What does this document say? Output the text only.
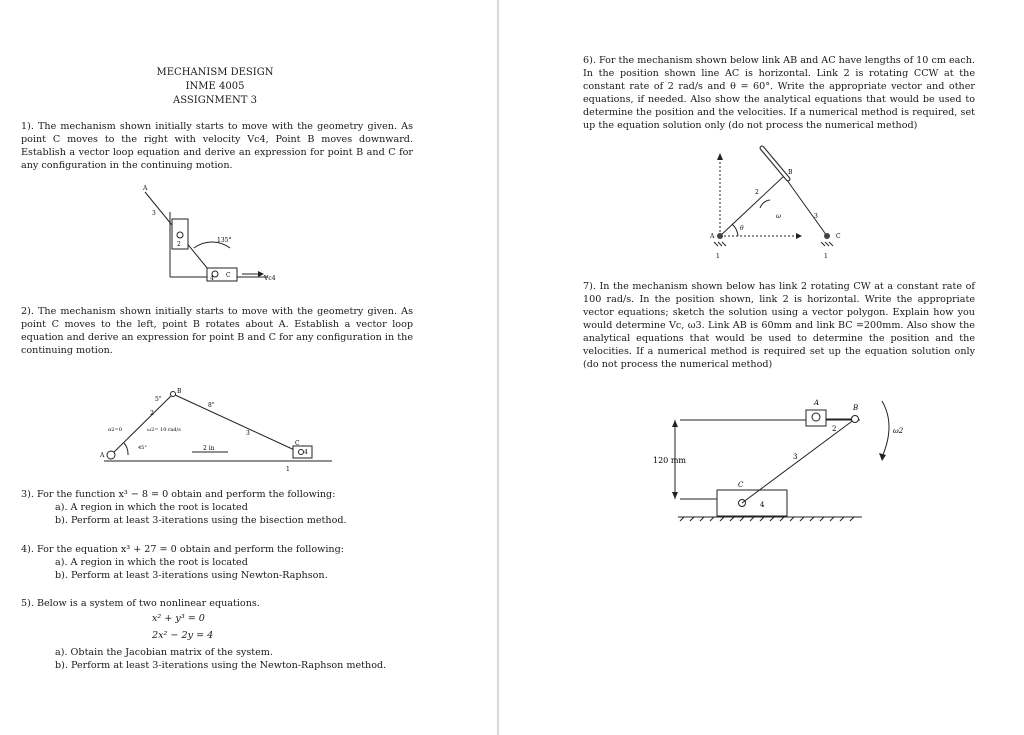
MECHANISM DESIGN
INME 4005
ASSIGNMENT 3
1). The mechanism shown initially starts to move with the geometry given. As point C moves to the right with velocity Vc4, Point B moves downward. Establish a vector loop equation and derive an expression for point B and C for any configuration in the continuing motion.
A
3
2
135°
4 C	Vc4
2). The mechanism shown initially starts to move with the geometry given. As point C moves to the left, point B rotates about A. Establish a vector loop equation and derive an expression for point B and C for any configuration in the continuing motion.
A
B
5"
8"
2
α2=0	ω2= 10 rad/s
45°	2 in
3
4
C
1
3). For the function x³ − 8 = 0 obtain and perform the following:
a). A region in which the root is located
b). Perform at least 3-iterations using the bisection method.
4). For the equation x³ + 27 = 0 obtain and perform the following:
a). A region in which the root is located
b). Perform at least 3-iterations using Newton-Raphson.
5). Below is a system of two nonlinear equations.
x² + y³ = 0
2x² − 2y = 4
a). Obtain the Jacobian matrix of the system.
b). Perform at least 3-iterations using the Newton-Raphson method.
6). For the mechanism shown below link AB and AC have lengths of 10 cm each. In the position shown line AC is horizontal. Link 2 is rotating CCW at the constant rate of 2 rad/s and θ = 60°. Write the appropriate vector and other equations, if needed. Also show the analytical equations that would be used to determine the position and the velocities. If a numerical method is required, set up the equation solution only (do not process the numerical method)
A
B
C
2
3
θ
ω
1	1
7). In the mechanism shown below has link 2 rotating CW at a constant rate of 100 rad/s. In the position shown, link 2 is horizontal. Write the appropriate vector equations; sketch the solution using a vector polygon. Explain how you would determine Vc, ω3. Link AB is 60mm and link BC =200mm. Also show the analytical equations that would be used to determine the position and the velocities. If a numerical method is required set up the equation solution only (do not process the numerical method)
120 mm
A
B
C
2
3
4
ω2
